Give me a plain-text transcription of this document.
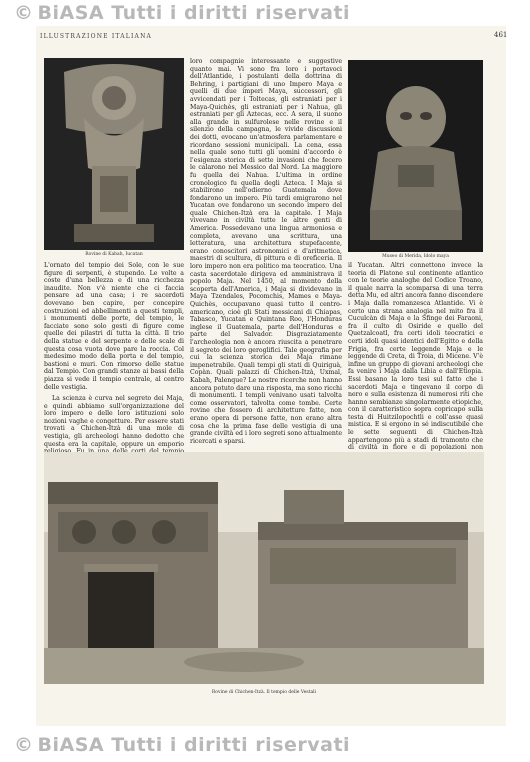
© BiASA Tutti i diritti riservati
ILLUSTRAZIONE ITALIANA	461
Rovine di Kabah, Iucatan	Museo di Merida, Idolo maya

loro compagnie interessante e suggestive quanto mai. Vi sono fra loro i portavoci dell'Atlantide, i postulanti della dottrina di Behring, i partigiani di uno Impero Maya e quelli di due imperi Maya, successori, gli avvicendati per i Toltecas, gli estraniati per i Maya-Quichès, gli estraniati per i Nahua, gli estraniati per gli Aztecas, ecc. A sera, il suono alla grande in sulfurolese nelle rovine e il silenzio della campagna, le vivide discussioni dei dotti, evocano un'atmosfera parlamentare e ricordano sessioni municipali. La cena, essa nella quale sono tutti gli uomini d'accordo è l'esigenza storica di sette invasioni che fecero le calarono nel Messico dal Nord. La maggiore fu quella dei Nahua. L'ultima in ordine cronologico fu quella degli Azteca. I Maja si stabilirono nell'odierno Guatemala dove fondarono un impero. Più tardi emigrarono nel Yucatan ove fondarono un secondo impero del quale Chichen-Itzà era la capitale. I Maja vivevano in civiltà tutte le altre genti di America. Possedevano una lingua armoniosa e completa, avevano una scrittura, una letteratura, una architettura stupefacente, erano conoscitori astronomici e d'aritmetica, maestri di scultura, di pittura e di orefìceria. Il loro impero non era politico ma teocratico. Una casta sacerdotale dirigeva ed amministrava il popolo Maja. Nel 1450, al momento della scoperta dell'America, i Maja si dividevano in Maya Tzendales, Pocomchis, Mames e Maya-Quichès, occupavano quasi tutto il centro-americano, cioè gli Stati messicani di Chiapas, Tabasco, Yucatan e Quintana Roo, l'Honduras inglese il Guatemala, parte dell'Honduras e parte del Salvador. Disgraziatamente l'archeologia non è ancora riuscita a penetrare il segreto dei loro geroglifici. Tale geografia per cui la scienza storica dei Maja rimane impenetrabile. Quali tempi gli stati di Quiriguà, Copàn. Quali palazzi di Chichen-Itzà, Uxmal, Kabah, Palenque? Le nostre ricerche non hanno ancora potuto dare una risposta, ma sono ricchi di monumenti. I templi venivano usati talvolta come osservatori, talvolta come tombe. Certe rovine che fossero di architetture fatte, non erano opera di persone fatte, non erano altra cosa che la prima fase delle vestigia di una grande civiltà ed i loro segreti sono attualmente ricercati e sparsi.

L'ornato del tempio dei Sole, con le sue figure di serpenti, è stupendo. Le volte a coste d'una bellezza e di una ricchezza inaudite. Non v'è niente che ci faccia pensare ad una casa; i re sacerdoti dovevano ben capire, per concepire costruzioni ed abbellimenti a questi templi, i monumenti delle porte, del tempio, le facciate sono solo gesti di figure come quelle dei pilastri di tutta la città. Il trio della statue e del serpente e delle scale di questa cosa vuota dove pare la roccia. Col medesimo modo della porta e del tempio, bastioni e muri. Con rimorso delle statue dal Tempio. Con grandi stanze ai bassi della piazza si vede il tempio centrale, al centro delle vestigia.

La scienza è curva nel segreto dei Maja, e quindi abbiamo sull'organizzazione del loro impero e delle loro istituzioni solo nozioni vaghe e congetture. Per essere stati trovati a Chichen-Itzà di una mole di vestigia, gli archeologi hanno dedotto che questa era la capitale, oppure un emporio

il Yucatan. Altri connettono invece la teoria di Platone sul continente atlantico con le teorie analoghe del Codice Troano, il quale narra la scomparsa di una terra detta Mu, ed altri ancora fanno discendere i Maja dalla romanzesca Atlantide. Vi è certo una strana analogia nel mito fra il Cuculcàn di Maja e la Sfinge dei Faraoni, fra il culto di Osiride e quello del Quetzalcoatl, fra certi idoli teocratici e certi idoli quasi identici dell'Egitto e della Frigia, fra certe leggende Maja e le leggende di Creta, di Troia, di Micene. V'è infine un gruppo di giovani archeologi che fa venire i Maja dalla Libia e dall'Etiopia. Essi basano la loro tesi sul fatto che i sacerdoti Maja e tingevano il corpo di nero e sulla esistenza di numerosi riti che hanno sembianze singolarmente etiopiche, con il caratteristico sopra copricapo sulla testa di Huitzilopochtli e coll'asse quasi mistica. E si ergono in sé indiscutibile che le sette seguenti di Chichen-Itzà appartengono più a stadi di tramonto che di civiltà in fiore e di popolazioni non

Rovine di Chichen-Itzà. Il tempio delle Vestali
© BiASA Tutti i diritti riservati
